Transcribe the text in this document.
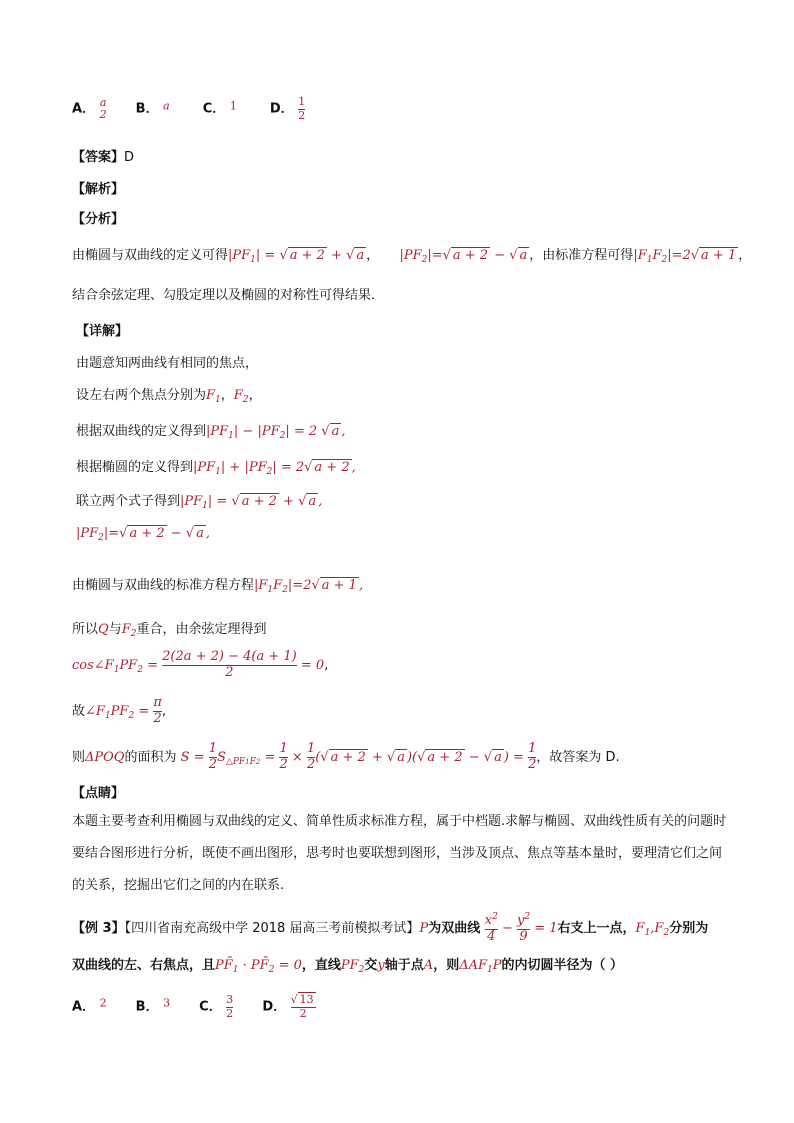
A． a
2 B． $^a$	C． $^1$	D． $\frac{1}{2}$
【答案】D
【解析】
【分析】
由椭圆与双曲线的定义可得$|PF_1|$ = √ a + 2 + √ a ， $|PF_2|=√$ a + 2 − √ a ，由标准方程可得$|F_1F_2|=2√$ a + 1 ，
结合余弦定理、勾股定理以及椭圆的对称性可得结果.
【详解】
由题意知两曲线有相同的焦点，
设左右两个焦点分别为$F_1$，$F_2$，
根据双曲线的定义得到$|PF_1| - |PF_2| = 2$ √ a ,
根据椭圆的定义得到$|PF_1| + |PF_2| = 2√$ a + 2 ,
联立两个式子得到$|PF_1|$ = √ a + 2 + √ a ,
$|PF_2|=√$ a + 2 − √ a ,
由椭圆与双曲线的标准方程方程$|F_1F_2|=2√$ a + 1 ,
所以Q与$F_2$重合，由余弦定理得到
$\cos\angle F_1PF_2 = \frac{2(2a + 2) - 4(a + 1)}{2} = 0$,
故$\angle F_1PF_2 = \frac{\pi}{2}$ ,
则ΔPOQ的面积为 $S = \frac{1}{2} S_{\triangle PF1F2} = \frac{1}{2} \times \frac{1}{2}$ (√ a + 2 + √ a )(√ a + 2 − √ a ) = $\frac{1}{2}$ ，故答案为 D.
【点睛】
本题主要考查利用椭圆与双曲线的定义、简单性质求标准方程，属于中档题.求解与椭圆、双曲线性质有关的问题时要结合图形进行分析，既使不画出图形，思考时也要联想到图形，当涉及顶点、焦点等基本量时，要理清它们之间的关系，挖掘出它们之间的内在联系.
【例 3】【四川省南充高级中学 2018 届高三考前模拟考试】P为双曲线 $\frac{x^2}{4} - \frac{y^2}{9} = 1$右支上一点，$F_1,F_2$分别为
双曲线的左、右焦点，且$PF̄_1$ · $PF̄_2 = 0$，直线$PF_2$交y轴于点A，则$\Delta AF_1P$的内切圆半径为（ ）
A． $^2$ B． $^3$ C． $\frac{3}{2}$ D． $\frac{√ 13}{2}$
